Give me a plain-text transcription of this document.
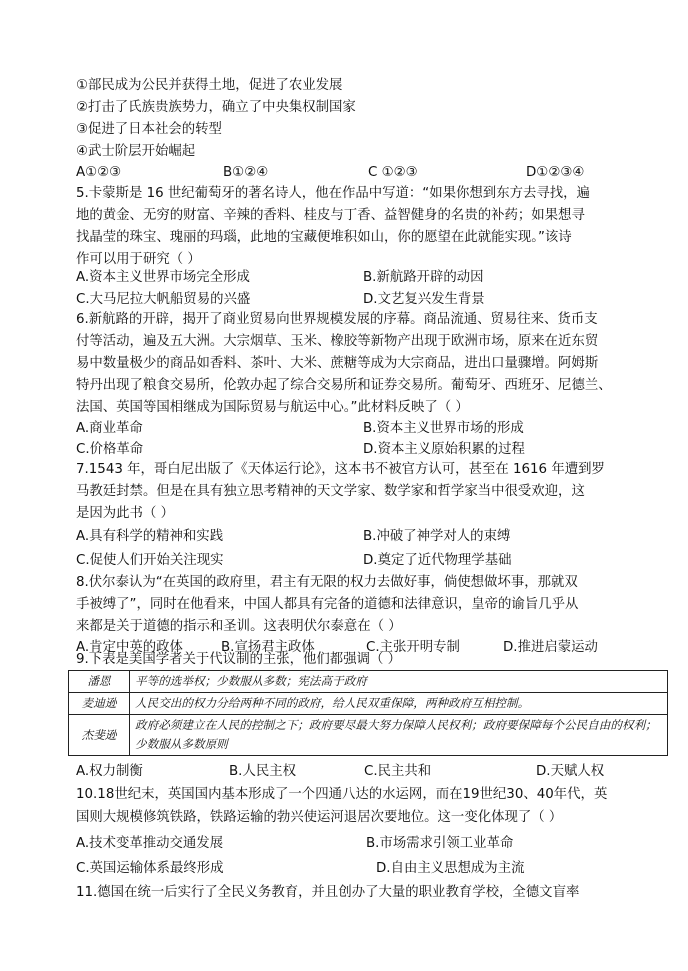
①部民成为公民并获得土地，促进了农业发展
②打击了氏族贵族势力，确立了中央集权制国家
③促进了日本社会的转型
④武士阶层开始崛起
A①②③	B①②④	C ①②③	D①②③④
5.卡蒙斯是 16 世纪葡萄牙的著名诗人，他在作品中写道：“如果你想到东方去寻找，遍
地的黄金、无穷的财富、辛辣的香料、桂皮与丁香、益智健身的名贵的补药；如果想寻
找晶莹的珠宝、瑰丽的玛瑙，此地的宝藏便堆积如山，你的愿望在此就能实现。”该诗
作可以用于研究（ ）
A.资本主义世界市场完全形成	B.新航路开辟的动因
C.大马尼拉大帆船贸易的兴盛	D.文艺复兴发生背景
6.新航路的开辟，揭开了商业贸易向世界规模发展的序幕。商品流通、贸易往来、货币支
付等活动，遍及五大洲。大宗烟草、玉米、橡胶等新物产出现于欧洲市场，原来在近东贸
易中数量极少的商品如香料、茶叶、大米、蔗糖等成为大宗商品，进出口量骤增。阿姆斯
特丹出现了粮食交易所，伦敦办起了综合交易所和证券交易所。葡萄牙、西班牙、尼德兰、
法国、英国等国相继成为国际贸易与航运中心。”此材料反映了（ ）
A.商业革命	B.资本主义世界市场的形成
C.价格革命	D.资本主义原始积累的过程
7.1543 年，哥白尼出版了《天体运行论》，这本书不被官方认可，甚至在 1616 年遭到罗
马教廷封禁。但是在具有独立思考精神的天文学家、数学家和哲学家当中很受欢迎，这
是因为此书（ ）
A.具有科学的精神和实践	B.冲破了神学对人的束缚
C.促使人们开始关注现实	D.奠定了近代物理学基础
8.伏尔泰认为“在英国的政府里，君主有无限的权力去做好事，倘使想做坏事，那就双
手被缚了”，同时在他看来，中国人都具有完备的道德和法律意识，皇帝的谕旨几乎从
来都是关于道德的指示和圣训。这表明伏尔泰意在（ ）
A.肯定中英的政体	B.宣扬君主政体	C.主张开明专制	D.推进启蒙运动
9.下表是美国学者关于代议制的主张，他们都强调（ ）
潘恩	平等的选举权；少数服从多数；宪法高于政府
麦迪逊	人民交出的权力分给两种不同的政府，给人民双重保障，两种政府互相控制。
杰斐逊	政府必须建立在人民的控制之下；政府要尽最大努力保障人民权利；政府要保障每个公民自由的权利；少数服从多数原则
A.权力制衡	B.人民主权	C.民主共和	D.天赋人权
10.18世纪末，英国国内基本形成了一个四通八达的水运网，而在19世纪30、40年代，英
国则大规模修筑铁路，铁路运输的勃兴使运河退居次要地位。这一变化体现了（ ）
A.技术变革推动交通发展	B.市场需求引领工业革命
C.英国运输体系最终形成	D.自由主义思想成为主流
11.德国在统一后实行了全民义务教育，并且创办了大量的职业教育学校，全德文盲率
